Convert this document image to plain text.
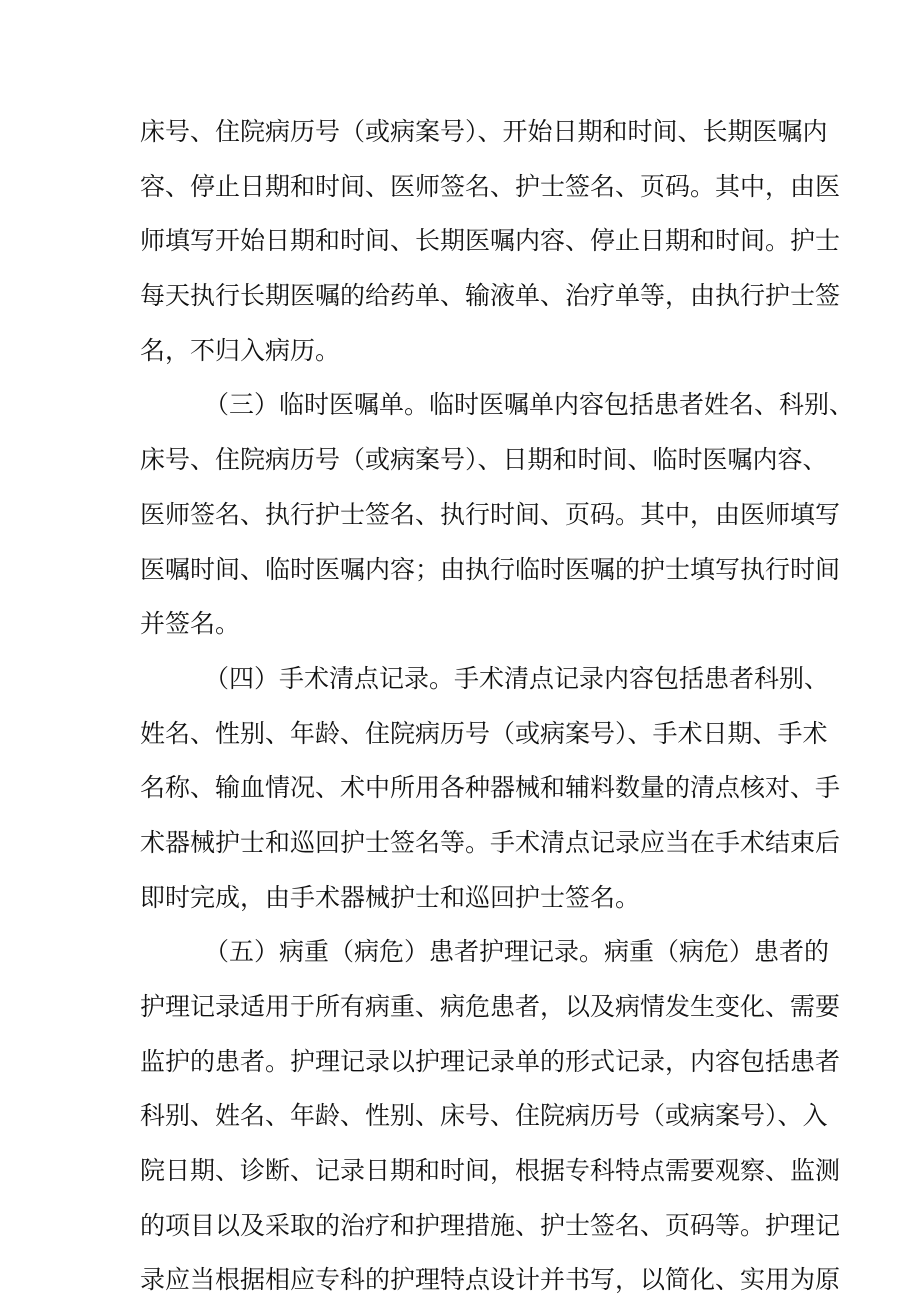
床号、住院病历号（或病案号）、开始日期和时间、长期医嘱内
容、停止日期和时间、医师签名、护士签名、页码。其中，由医
师填写开始日期和时间、长期医嘱内容、停止日期和时间。护士
每天执行长期医嘱的给药单、输液单、治疗单等，由执行护士签
名，不归入病历。
（三）临时医嘱单。临时医嘱单内容包括患者姓名、科别、
床号、住院病历号（或病案号）、日期和时间、临时医嘱内容、
医师签名、执行护士签名、执行时间、页码。其中，由医师填写
医嘱时间、临时医嘱内容；由执行临时医嘱的护士填写执行时间
并签名。
（四）手术清点记录。手术清点记录内容包括患者科别、
姓名、性别、年龄、住院病历号（或病案号）、手术日期、手术
名称、输血情况、术中所用各种器械和辅料数量的清点核对、手
术器械护士和巡回护士签名等。手术清点记录应当在手术结束后
即时完成，由手术器械护士和巡回护士签名。
（五）病重（病危）患者护理记录。病重（病危）患者的
护理记录适用于所有病重、病危患者，以及病情发生变化、需要
监护的患者。护理记录以护理记录单的形式记录，内容包括患者
科别、姓名、年龄、性别、床号、住院病历号（或病案号）、入
院日期、诊断、记录日期和时间，根据专科特点需要观察、监测
的项目以及采取的治疗和护理措施、护士签名、页码等。护理记
录应当根据相应专科的护理特点设计并书写，以简化、实用为原
